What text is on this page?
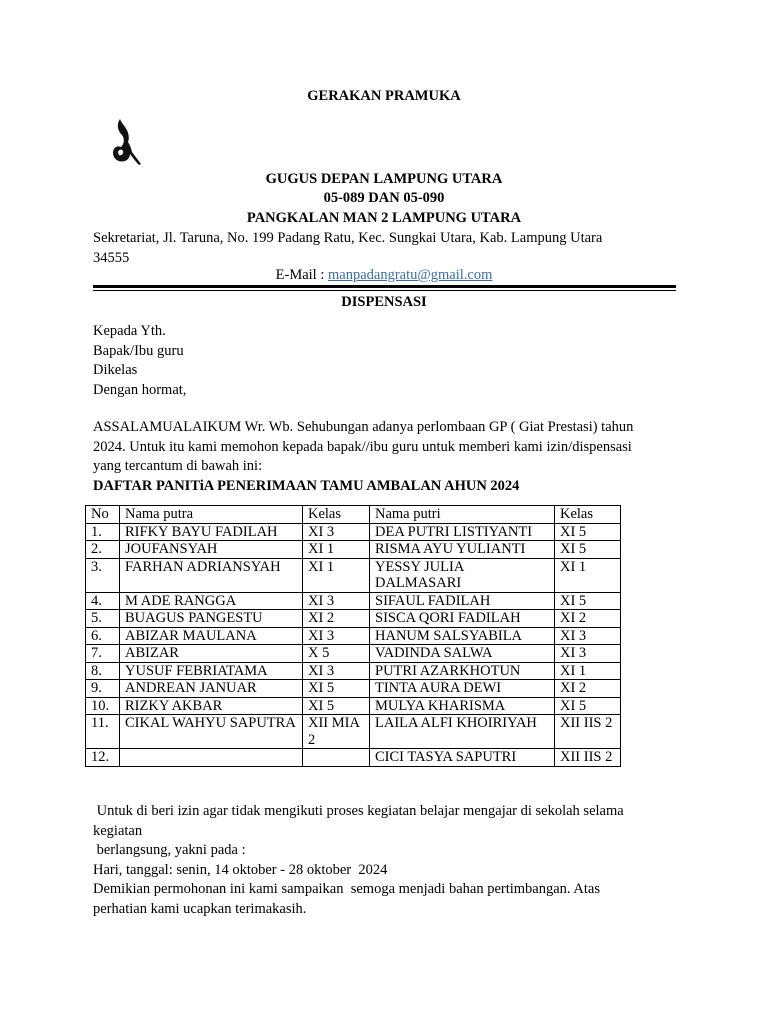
GERAKAN PRAMUKA
GUGUS DEPAN LAMPUNG UTARA
05-089 DAN 05-090
PANGKALAN MAN 2 LAMPUNG UTARA
Sekretariat, Jl. Taruna, No. 199 Padang Ratu, Kec. Sungkai Utara, Kab. Lampung Utara
34555
E-Mail : manpadangratu@gmail.com
DISPENSASI
Kepada Yth.
Bapak/Ibu guru
Dikelas
Dengan hormat,
ASSALAMUALAIKUM Wr. Wb. Sehubungan adanya perlombaan GP ( Giat Prestasi) tahun
2024. Untuk itu kami memohon kepada bapak//ibu guru untuk memberi kami izin/dispensasi
yang tercantum di bawah ini:
DAFTAR PANITiA PENERIMAAN TAMU AMBALAN AHUN 2024
No	Nama putra	Kelas	Nama putri	Kelas
1.	RIFKY BAYU FADILAH	XI 3	DEA PUTRI LISTIYANTI	XI 5
2.	JOUFANSYAH	XI 1	RISMA AYU YULIANTI	XI 5
3.	FARHAN ADRIANSYAH	XI 1	YESSY JULIA DALMASARI	XI 1
4.	M ADE RANGGA	XI 3	SIFAUL FADILAH	XI 5
5.	BUAGUS PANGESTU	XI 2	SISCA QORI FADILAH	XI 2
6.	ABIZAR MAULANA	XI 3	HANUM SALSYABILA	XI 3
7.	ABIZAR	X 5	VADINDA SALWA	XI 3
8.	YUSUF FEBRIATAMA	XI 3	PUTRI AZARKHOTUN	XI 1
9.	ANDREAN JANUAR	XI 5	TINTA AURA DEWI	XI 2
10.	RIZKY AKBAR	XI 5	MULYA KHARISMA	XI 5
11.	CIKAL WAHYU SAPUTRA	XII MIA 2	LAILA ALFI KHOIRIYAH	XII IIS 2
12.			CICI TASYA SAPUTRI	XII IIS 2
Untuk di beri izin agar tidak mengikuti proses kegiatan belajar mengajar di sekolah selama
kegiatan
berlangsung, yakni pada :
Hari, tanggal: senin, 14 oktober - 28 oktober  2024
Demikian permohonan ini kami sampaikan  semoga menjadi bahan pertimbangan. Atas
perhatian kami ucapkan terimakasih.
